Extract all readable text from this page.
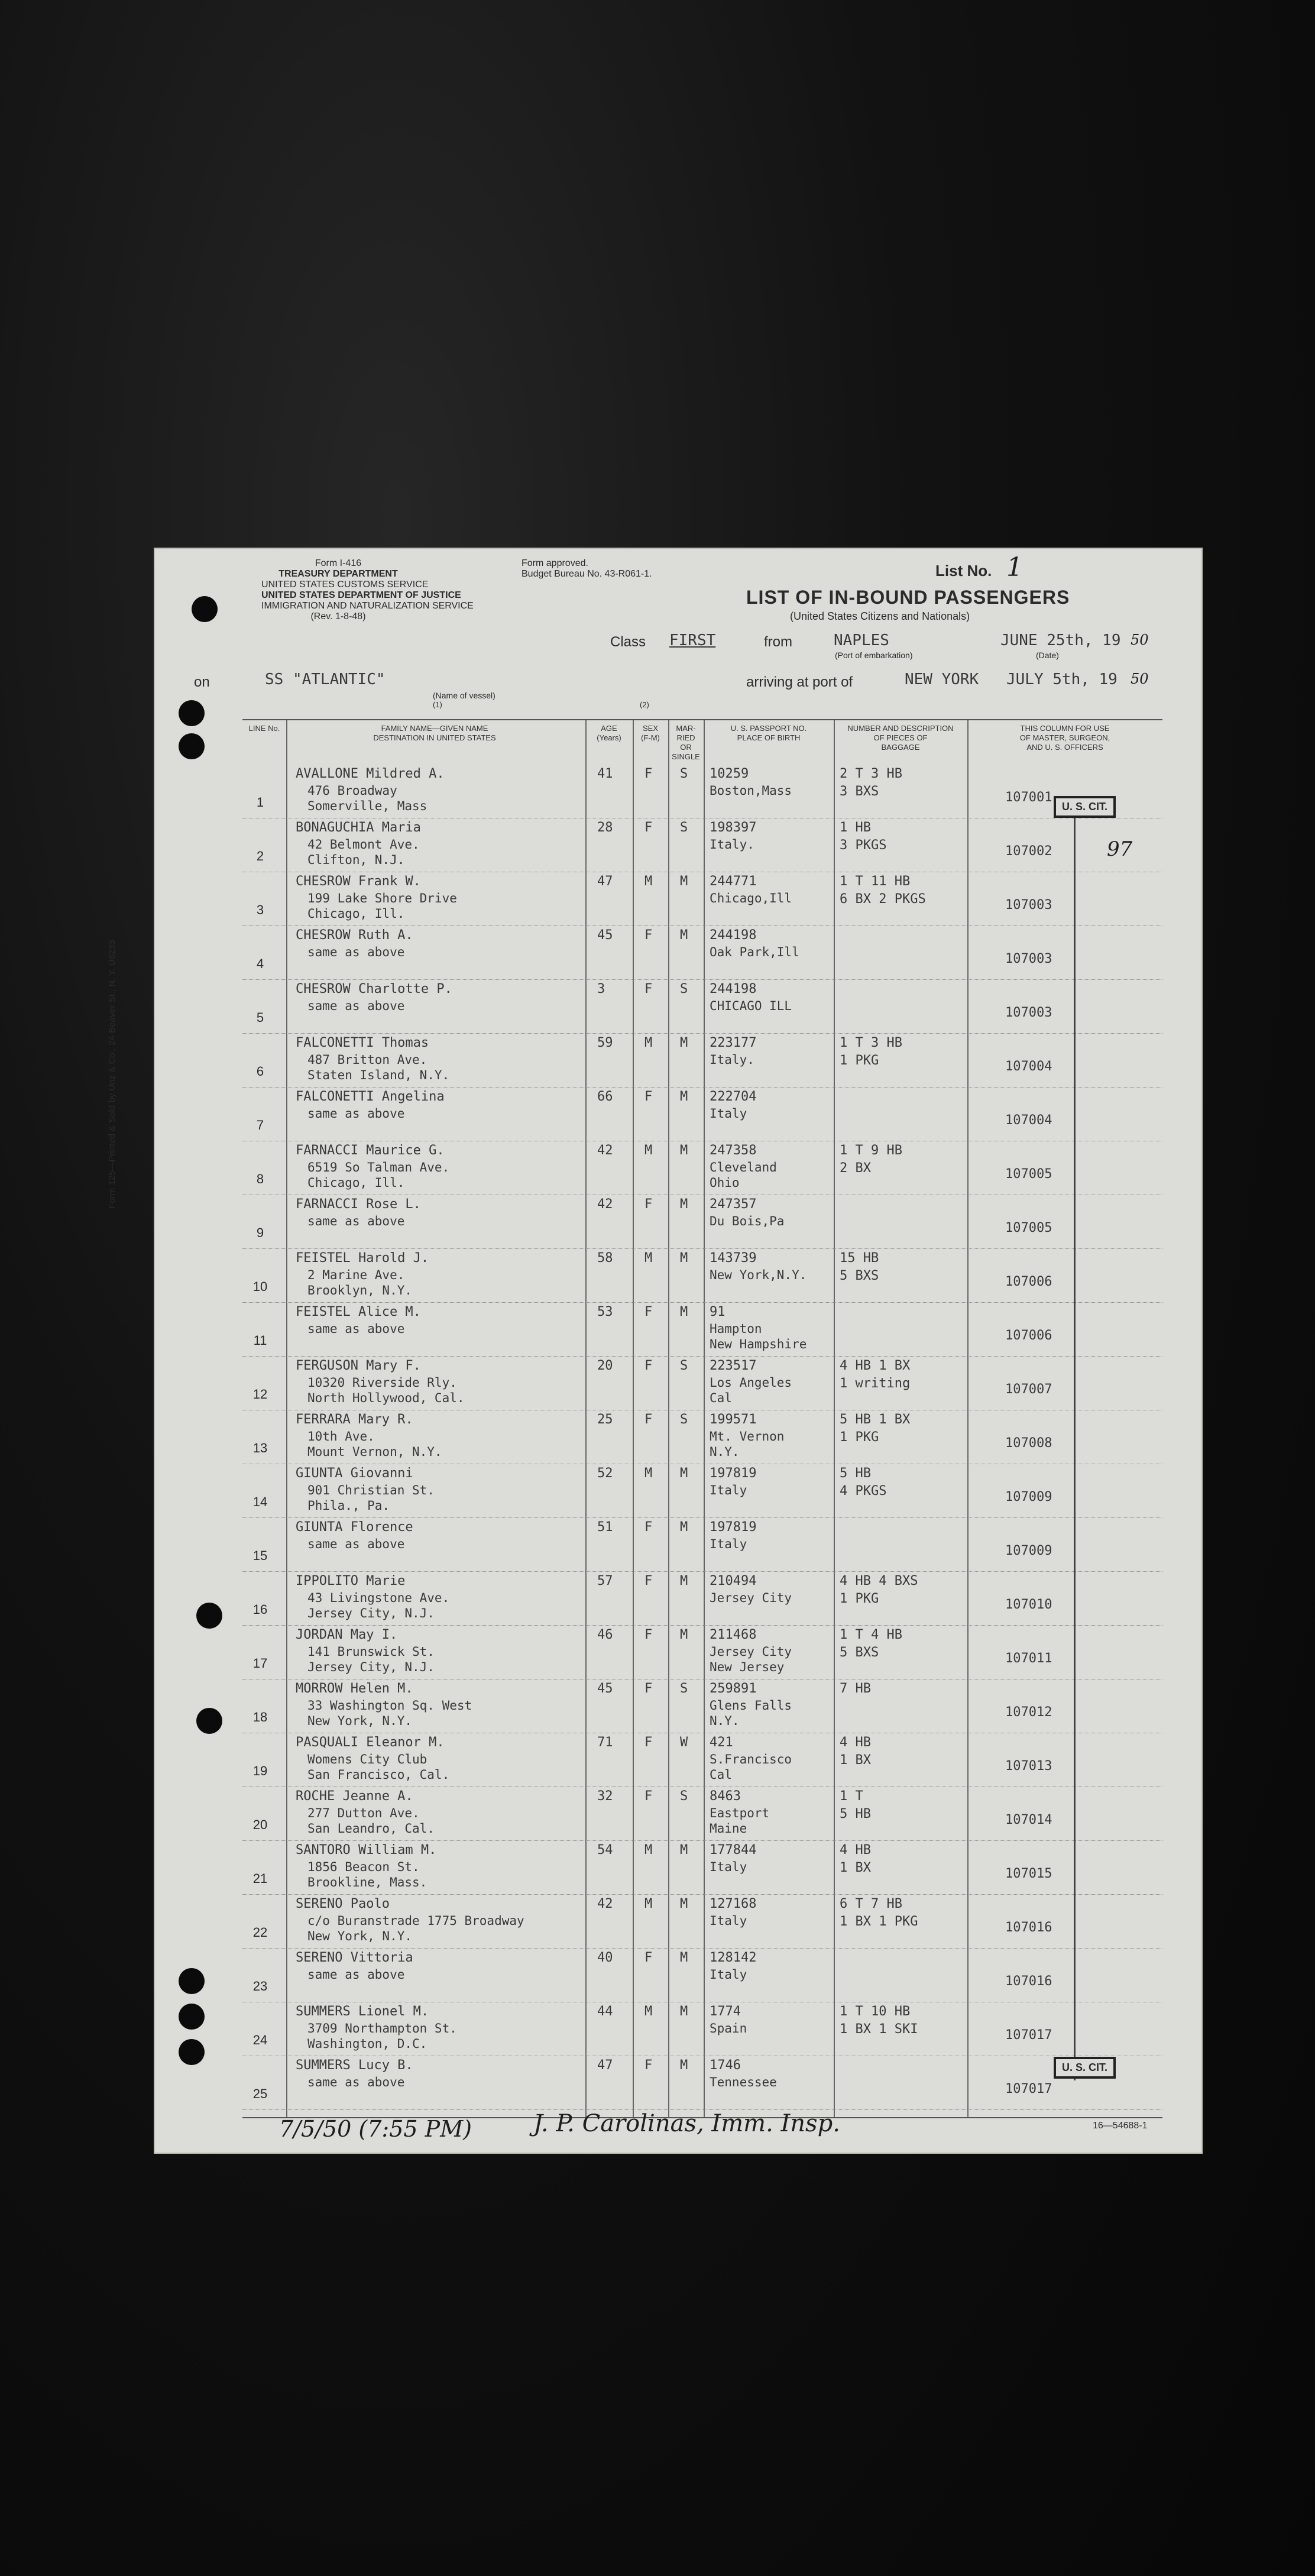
Form I-416
TREASURY DEPARTMENT
UNITED STATES CUSTOMS SERVICE
UNITED STATES DEPARTMENT OF JUSTICE
IMMIGRATION AND NATURALIZATION SERVICE
(Rev. 1-8-48)
Form approved.
Budget Bureau No. 43-R061-1.	List No. 1
LIST OF IN-BOUND PASSENGERS
(United States Citizens and Nationals)
Class FIRST	from	NAPLES
(Port of embarkation)
JUNE 25th, 19 50
(Date)
on	SS "ATLANTIC"
(Name of vessel)
arriving at port of	NEW YORK JULY 5th, 19 50
(1)	(2)
Form 125—Printed & Sold by Unz & Co., 24 Beaver St., N. Y. U6233
LINE No.	FAMILY NAME—GIVEN NAME
DESTINATION IN UNITED STATES
AGE
(Years)
SEX
(F-M)
MAR-
RIED
OR
SINGLE
U. S. PASSPORT NO.
PLACE OF BIRTH
NUMBER AND DESCRIPTION
OF PIECES OF
BAGGAGE
THIS COLUMN FOR USE
OF MASTER, SURGEON,
AND U. S. OFFICERS
1
AVALLONE Mildred A.
476 Broadway
Somerville, Mass
41 F S 10259
Boston,Mass
2 T 3 HB
3 BXS	107001
2
BONAGUCHIA Maria
42 Belmont Ave.
Clifton, N.J.
28 F S 198397
Italy.
1 HB
3 PKGS	107002
3
CHESROW Frank W.
199 Lake Shore Drive
Chicago, Ill.
47 M M 244771
Chicago,Ill
1 T 11 HB
6 BX 2 PKGS	107003
4
CHESROW Ruth A.
same as above
45 F M 244198
Oak Park,Ill	107003
5
CHESROW Charlotte P.
same as above
3	F S 244198
CHICAGO ILL	107003
6
FALCONETTI Thomas
487 Britton Ave.
Staten Island, N.Y.
59 M M 223177
Italy.
1 T 3 HB
1 PKG	107004
7
FALCONETTI Angelina
same as above
66 F M 222704
Italy	107004
8
FARNACCI Maurice G.
6519 So Talman Ave.
Chicago, Ill.
42 M M 247358
Cleveland
Ohio
1 T 9 HB
2 BX	107005
9
FARNACCI Rose L.
same as above
42 F M 247357
Du Bois,Pa	107005
10
FEISTEL Harold J.
2 Marine Ave.
Brooklyn, N.Y.
58 M M 143739
New York,N.Y.
15 HB
5 BXS	107006
11
FEISTEL Alice M.
same as above
53 F M 91
Hampton
New Hampshire
107006
12
FERGUSON Mary F.
10320 Riverside Rly.
North Hollywood, Cal.
20 F S 223517
Los Angeles
Cal
4 HB 1 BX
1 writing	107007
13
FERRARA Mary R.
10th Ave.
Mount Vernon, N.Y.
25 F S 199571
Mt. Vernon
N.Y.
5 HB 1 BX
1 PKG	107008
14
GIUNTA Giovanni
901 Christian St.
Phila., Pa.
52 M M 197819
Italy
5 HB
4 PKGS	107009
15
GIUNTA Florence
same as above
51 F M 197819
Italy	107009
16
IPPOLITO Marie
43 Livingstone Ave.
Jersey City, N.J.
57 F M 210494
Jersey City
4 HB 4 BXS
1 PKG	107010
17
JORDAN May I.
141 Brunswick St.
Jersey City, N.J.
46 F M 211468
Jersey City
New Jersey
1 T 4 HB
5 BXS	107011
18
MORROW Helen M.
33 Washington Sq. West
New York, N.Y.
45 F S 259891
Glens Falls
N.Y.
7 HB
107012
19
PASQUALI Eleanor M.
Womens City Club
San Francisco, Cal.
71 F W 421
S.Francisco
Cal
4 HB
1 BX	107013
20
ROCHE Jeanne A.
277 Dutton Ave.
San Leandro, Cal.
32 F S 8463
Eastport
Maine
1 T
5 HB	107014
21
SANTORO William M.
1856 Beacon St.
Brookline, Mass.
54 M M 177844
Italy
4 HB
1 BX	107015
22
SERENO Paolo
c/o Buranstrade 1775 Broadway
New York, N.Y.
42 M M 127168
Italy
6 T 7 HB
1 BX 1 PKG	107016
23
SERENO Vittoria
same as above
40 F M 128142
Italy	107016
24
SUMMERS Lionel M.
3709 Northampton St.
Washington, D.C.
44 M M 1774
Spain
1 T 10 HB
1 BX 1 SKI	107017
25
SUMMERS Lucy B.
same as above
47 F M 1746
Tennessee	107017
U. S. CIT.
U. S. CIT.
97
7/5/50 (7:55 PM)	J. P. Carolinas, Imm. Insp.	16—54688-1
